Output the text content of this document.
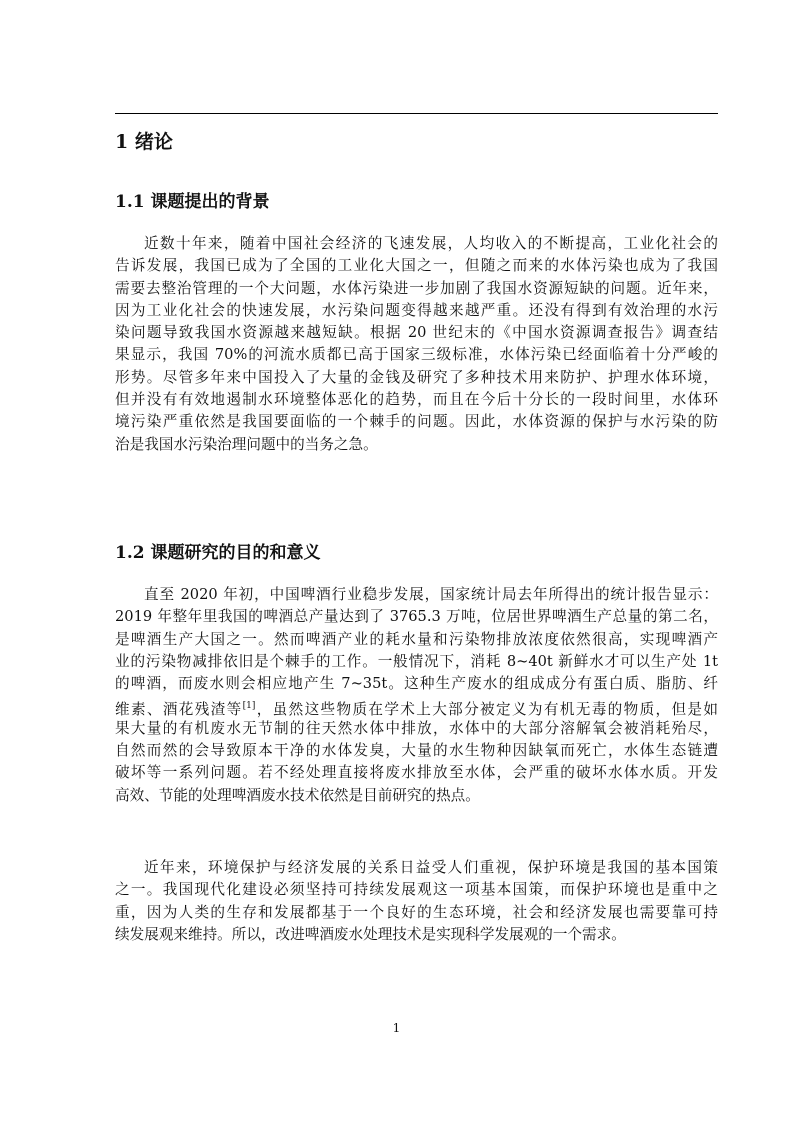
1 绪论
1.1 课题提出的背景
近数十年来，随着中国社会经济的飞速发展，人均收入的不断提高，工业化社会的
告诉发展，我国已成为了全国的工业化大国之一，但随之而来的水体污染也成为了我国
需要去整治管理的一个大问题，水体污染进一步加剧了我国水资源短缺的问题。近年来，
因为工业化社会的快速发展，水污染问题变得越来越严重。还没有得到有效治理的水污
染问题导致我国水资源越来越短缺。根据 20 世纪末的《中国水资源调查报告》调查结
果显示，我国 70%的河流水质都已高于国家三级标准，水体污染已经面临着十分严峻的
形势。尽管多年来中国投入了大量的金钱及研究了多种技术用来防护、护理水体环境，
但并没有有效地遏制水环境整体恶化的趋势，而且在今后十分长的一段时间里，水体环
境污染严重依然是我国要面临的一个棘手的问题。因此，水体资源的保护与水污染的防
治是我国水污染治理问题中的当务之急。
1.2 课题研究的目的和意义
直至 2020 年初，中国啤酒行业稳步发展，国家统计局去年所得出的统计报告显示：
2019 年整年里我国的啤酒总产量达到了 3765.3 万吨，位居世界啤酒生产总量的第二名，
是啤酒生产大国之一。然而啤酒产业的耗水量和污染物排放浓度依然很高，实现啤酒产
业的污染物减排依旧是个棘手的工作。一般情况下，消耗 8~40t 新鲜水才可以生产处 1t
的啤酒，而废水则会相应地产生 7~35t。这种生产废水的组成成分有蛋白质、脂肪、纤
维素、酒花残渣等[1]，虽然这些物质在学术上大部分被定义为有机无毒的物质，但是如
果大量的有机废水无节制的往天然水体中排放，水体中的大部分溶解氧会被消耗殆尽，
自然而然的会导致原本干净的水体发臭，大量的水生物种因缺氧而死亡，水体生态链遭
破坏等一系列问题。若不经处理直接将废水排放至水体，会严重的破坏水体水质。开发
高效、节能的处理啤酒废水技术依然是目前研究的热点。
近年来，环境保护与经济发展的关系日益受人们重视，保护环境是我国的基本国策
之一。我国现代化建设必须坚持可持续发展观这一项基本国策，而保护环境也是重中之
重，因为人类的生存和发展都基于一个良好的生态环境，社会和经济发展也需要靠可持
续发展观来维持。所以，改进啤酒废水处理技术是实现科学发展观的一个需求。
1
